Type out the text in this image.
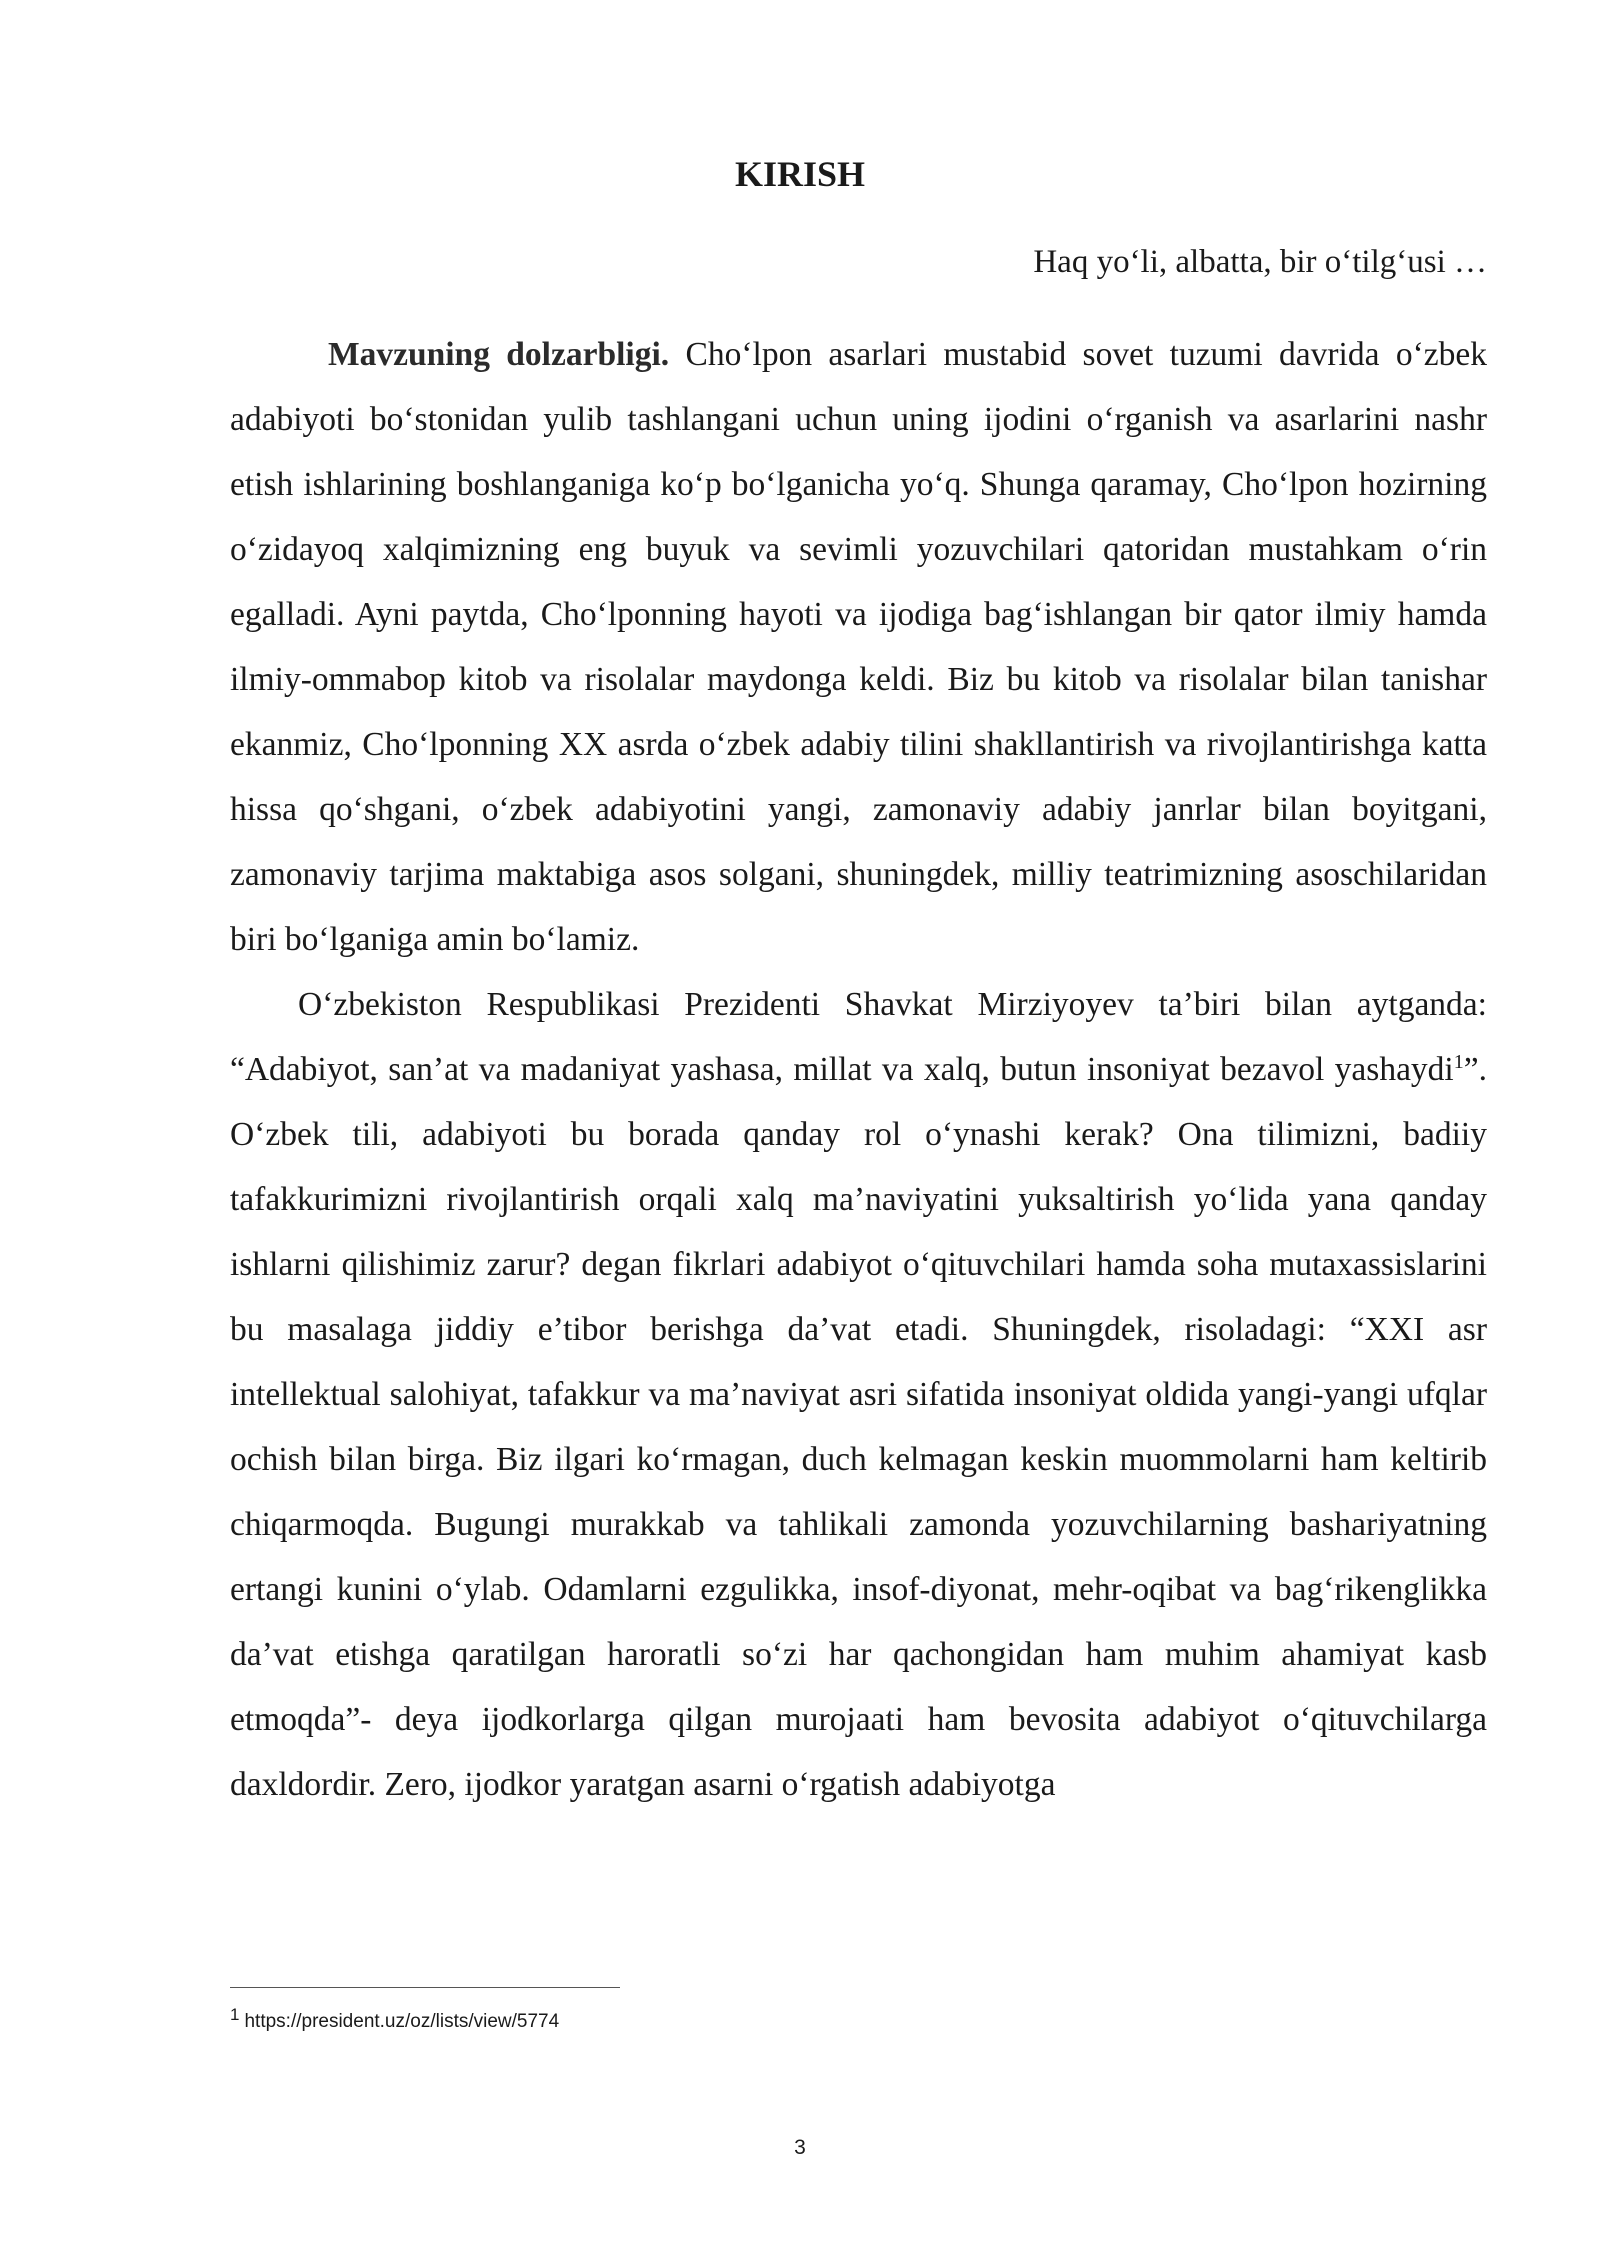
KIRISH
Haq yo‘li, albatta, bir o‘tilg‘usi …

Mavzuning dolzarbligi. Cho‘lpon asarlari mustabid sovet tuzumi davrida o‘zbek adabiyoti bo‘stonidan yulib tashlangani uchun uning ijodini o‘rganish va asarlarini nashr etish ishlarining boshlanganiga ko‘p bo‘lganicha yo‘q. Shunga qaramay, Cho‘lpon hozirning o‘zidayoq xalqimizning eng buyuk va sevimli yozuvchilari qatoridan mustahkam o‘rin egalladi. Ayni paytda, Cho‘lponning hayoti va ijodiga bag‘ishlangan bir qator ilmiy hamda ilmiy-ommabop kitob va risolalar maydonga keldi. Biz bu kitob va risolalar bilan tanishar ekanmiz, Cho‘lponning XX asrda o‘zbek adabiy tilini shakllantirish va rivojlantirishga katta hissa qo‘shgani, o‘zbek adabiyotini yangi, zamonaviy adabiy janrlar bilan boyitgani, zamonaviy tarjima maktabiga asos solgani, shuningdek, milliy teatrimizning asoschilaridan biri bo‘lganiga amin bo‘lamiz.

O‘zbekiston Respublikasi Prezidenti Shavkat Mirziyoyev ta’biri bilan aytganda: “Adabiyot, san’at va madaniyat yashasa, millat va xalq, butun insoniyat bezavol yashaydi$^1$”. O‘zbek tili, adabiyoti bu borada qanday rol o‘ynashi kerak? Ona tilimizni, badiiy tafakkurimizni rivojlantirish orqali xalq ma’naviyatini yuksaltirish yo‘lida yana qanday ishlarni qilishimiz zarur? degan fikrlari adabiyot o‘qituvchilari hamda soha mutaxassislarini bu masalaga jiddiy e’tibor berishga da’vat etadi. Shuningdek, risoladagi: “XXI asr intellektual salohiyat, tafakkur va ma’naviyat asri sifatida insoniyat oldida yangi-yangi ufqlar ochish bilan birga. Biz ilgari ko‘rmagan, duch kelmagan keskin muommolarni ham keltirib chiqarmoqda. Bugungi murakkab va tahlikali zamonda yozuvchilarning bashariyatning ertangi kunini o‘ylab. Odamlarni ezgulikka, insof-diyonat, mehr-oqibat va bag‘rikenglikka da’vat etishga qaratilgan haroratli so‘zi har qachongidan ham muhim ahamiyat kasb etmoqda”- deya ijodkorlarga qilgan murojaati ham bevosita adabiyot o‘qituvchilarga daxldordir. Zero, ijodkor yaratgan asarni o‘rgatish adabiyotga

1 https://president.uz/oz/lists/view/5774
3
